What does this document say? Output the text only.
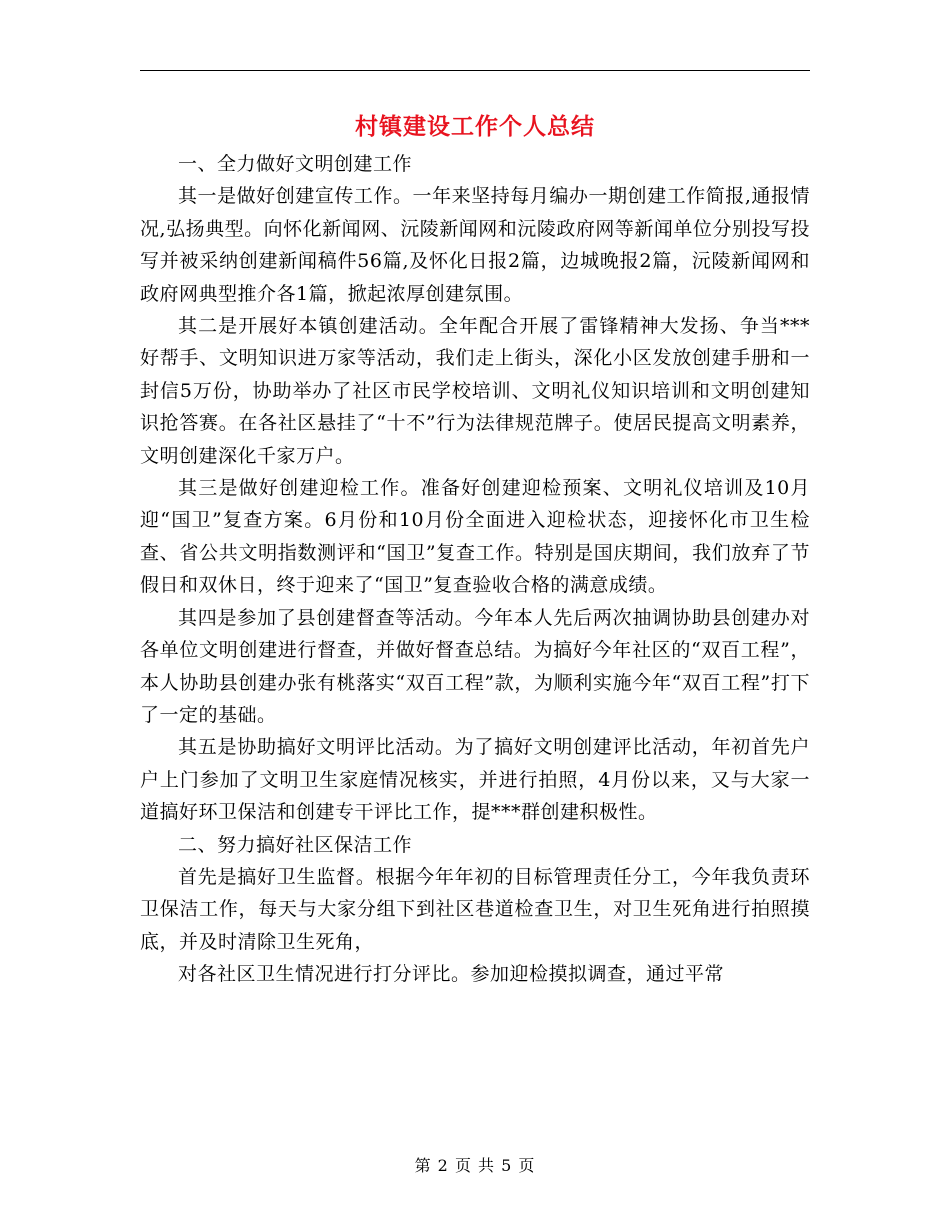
村镇建设工作个人总结

一、全力做好文明创建工作

其一是做好创建宣传工作。一年来坚持每月编办一期创建工作简报,通报情况,弘扬典型。向怀化新闻网、沅陵新闻网和沅陵政府网等新闻单位分别投写投写并被采纳创建新闻稿件56篇,及怀化日报2篇，边城晚报2篇，沅陵新闻网和政府网典型推介各1篇，掀起浓厚创建氛围。

其二是开展好本镇创建活动。全年配合开展了雷锋精神大发扬、争当***好帮手、文明知识进万家等活动，我们走上街头，深化小区发放创建手册和一封信5万份，协助举办了社区市民学校培训、文明礼仪知识培训和文明创建知识抢答赛。在各社区悬挂了“十不”行为法律规范牌子。使居民提高文明素养，文明创建深化千家万户。

其三是做好创建迎检工作。准备好创建迎检预案、文明礼仪培训及10月迎“国卫”复查方案。6月份和10月份全面进入迎检状态，迎接怀化市卫生检查、省公共文明指数测评和“国卫”复查工作。特别是国庆期间，我们放弃了节假日和双休日，终于迎来了“国卫”复查验收合格的满意成绩。

其四是参加了县创建督查等活动。今年本人先后两次抽调协助县创建办对各单位文明创建进行督查，并做好督查总结。为搞好今年社区的“双百工程”，本人协助县创建办张有桃落实“双百工程”款，为顺利实施今年“双百工程”打下了一定的基础。

其五是协助搞好文明评比活动。为了搞好文明创建评比活动，年初首先户户上门参加了文明卫生家庭情况核实，并进行拍照，4月份以来，又与大家一道搞好环卫保洁和创建专干评比工作，提***群创建积极性。

二、努力搞好社区保洁工作

首先是搞好卫生监督。根据今年年初的目标管理责任分工，今年我负责环卫保洁工作，每天与大家分组下到社区巷道检查卫生，对卫生死角进行拍照摸底，并及时清除卫生死角，

对各社区卫生情况进行打分评比。参加迎检摸拟调查，通过平常

第 2 页 共 5 页
